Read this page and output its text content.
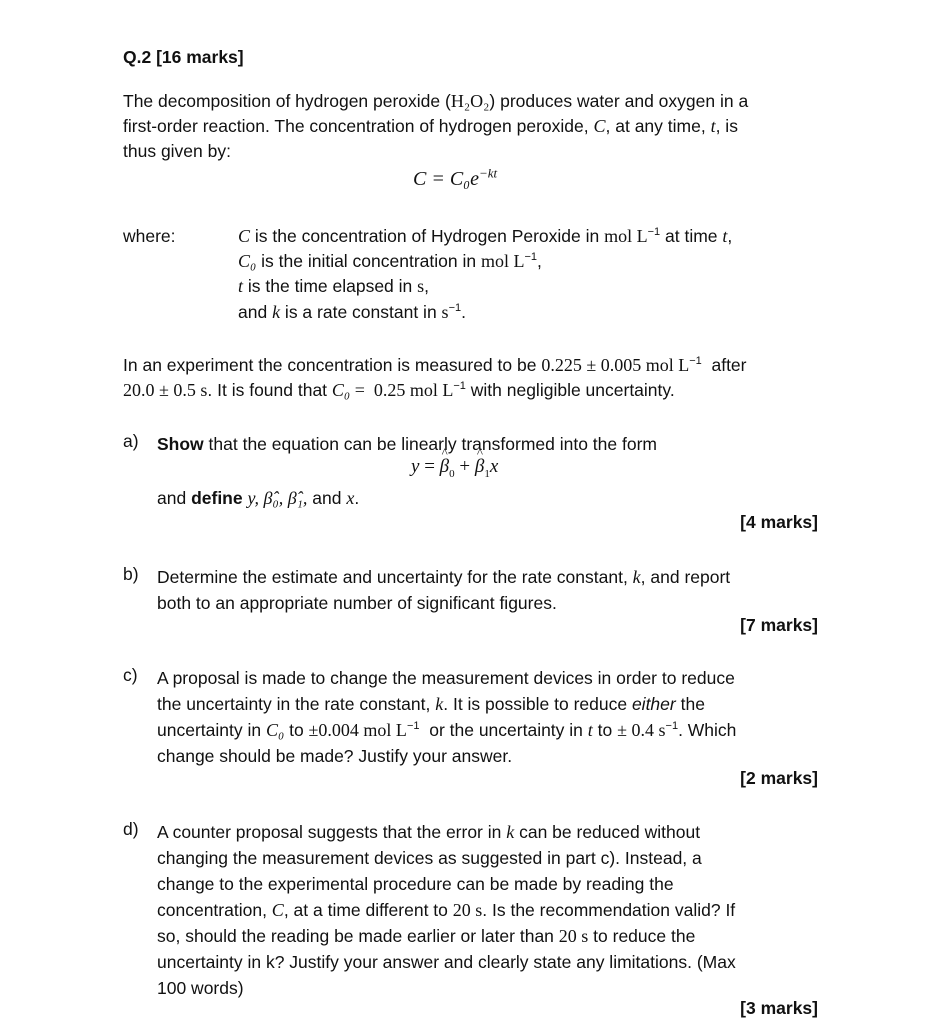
Q.2 [16 marks]
The decomposition of hydrogen peroxide (H₂O₂) produces water and oxygen in a
first-order reaction. The concentration of hydrogen peroxide, C, at any time, t, is
thus given by:
$C = C_0e^{-kt}$
where:	C is the concentration of Hydrogen Peroxide in mol $L^{-1}$ at time t,
C₀ is the initial concentration in mol $L^{-1}$,
t is the time elapsed in s,
and k is a rate constant in $s^{-1}$.
In an experiment the concentration is measured to be 0.225 ± 0.005 mol $L^{-1}$  after
20.0 ± 0.5 s. It is found that C₀ =  0.25 mol $L^{-1}$ with negligible uncertainty.
a) Show that the equation can be linearly transformed into the form
y = ^ $\beta_0$ + ^ $\beta_1x$
and define y, β̂₀, β̂₁, and x.
[4 marks]
b) Determine the estimate and uncertainty for the rate constant, k, and report
both to an appropriate number of significant figures.
[7 marks]
c) A proposal is made to change the measurement devices in order to reduce
the uncertainty in the rate constant, k. It is possible to reduce either the
uncertainty in C₀ to ±0.004 mol $L^{-1}$  or the uncertainty in t to ± 0.4 $s^{-1}$. Which
change should be made? Justify your answer.
[2 marks]
d) A counter proposal suggests that the error in k can be reduced without
changing the measurement devices as suggested in part c). Instead, a
change to the experimental procedure can be made by reading the
concentration, C, at a time different to 20 s. Is the recommendation valid? If
so, should the reading be made earlier or later than 20 s to reduce the
uncertainty in k? Justify your answer and clearly state any limitations. (Max
100 words)
[3 marks]
